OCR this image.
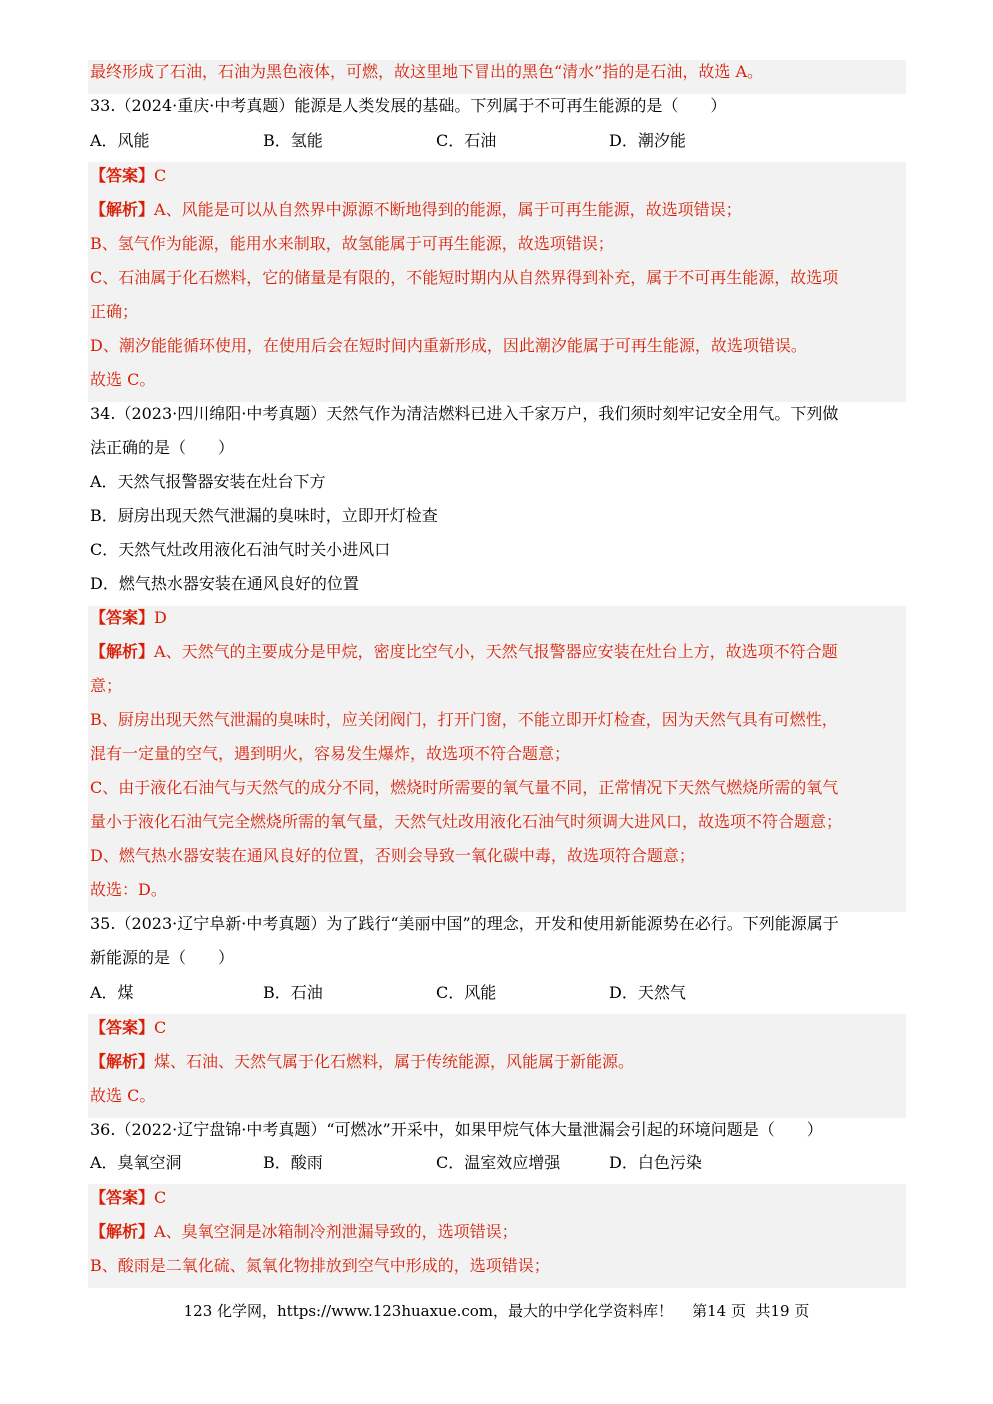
最终形成了石油，石油为黑色液体，可燃，故这里地下冒出的黑色“清水”指的是石油，故选 A。
33.（2024·重庆·中考真题）能源是人类发展的基础。下列属于不可再生能源的是（　　）
A．风能	B．氢能	C．石油	D．潮汐能
【答案】C
【解析】A、风能是可以从自然界中源源不断地得到的能源，属于可再生能源，故选项错误；
B、氢气作为能源，能用水来制取，故氢能属于可再生能源，故选项错误；
C、石油属于化石燃料，它的储量是有限的，不能短时期内从自然界得到补充，属于不可再生能源，故选项
正确；
D、潮汐能能循环使用，在使用后会在短时间内重新形成，因此潮汐能属于可再生能源，故选项错误。
故选 C。
34.（2023·四川绵阳·中考真题）天然气作为清洁燃料已进入千家万户，我们须时刻牢记安全用气。下列做
法正确的是（　　）
A．天然气报警器安装在灶台下方
B．厨房出现天然气泄漏的臭味时，立即开灯检查
C．天然气灶改用液化石油气时关小进风口
D．燃气热水器安装在通风良好的位置
【答案】D
【解析】A、天然气的主要成分是甲烷，密度比空气小，天然气报警器应安装在灶台上方，故选项不符合题
意；
B、厨房出现天然气泄漏的臭味时，应关闭阀门，打开门窗，不能立即开灯检查，因为天然气具有可燃性，
混有一定量的空气，遇到明火，容易发生爆炸，故选项不符合题意；
C、由于液化石油气与天然气的成分不同，燃烧时所需要的氧气量不同，正常情况下天然气燃烧所需的氧气
量小于液化石油气完全燃烧所需的氧气量，天然气灶改用液化石油气时须调大进风口，故选项不符合题意；
D、燃气热水器安装在通风良好的位置，否则会导致一氧化碳中毒，故选项符合题意；
故选：D。
35.（2023·辽宁阜新·中考真题）为了践行“美丽中国”的理念，开发和使用新能源势在必行。下列能源属于
新能源的是（　　）
A．煤	B．石油	C．风能	D．天然气
【答案】C
【解析】煤、石油、天然气属于化石燃料，属于传统能源，风能属于新能源。
故选 C。
36.（2022·辽宁盘锦·中考真题）“可燃冰”开采中，如果甲烷气体大量泄漏会引起的环境问题是（　　）
A．臭氧空洞	B．酸雨	C．温室效应增强	D．白色污染
【答案】C
【解析】A、臭氧空洞是冰箱制冷剂泄漏导致的，选项错误；
B、酸雨是二氧化硫、氮氧化物排放到空气中形成的，选项错误；
123 化学网，https://www.123huaxue.com，最大的中学化学资料库！ 第14 页  共19 页
